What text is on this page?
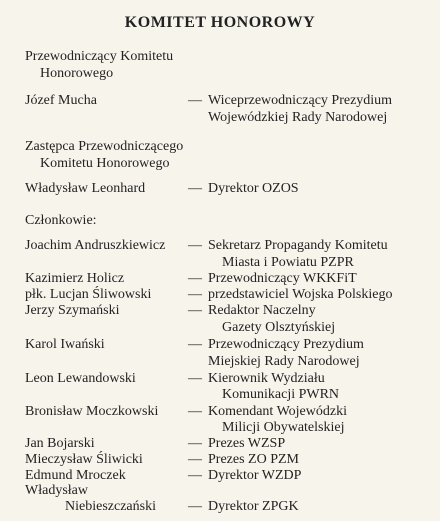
KOMITET HONOROWY
Przewodniczący Komitetu
Honorowego
Józef Mucha	— Wiceprzewodniczący Prezydium
Wojewódzkiej Rady Narodowej
Zastępca Przewodniczącego
Komitetu Honorowego
Władysław Leonhard	— Dyrektor OZOS
Członkowie:
Joachim Andruszkiewicz — Sekretarz Propagandy Komitetu
Miasta i Powiatu PZPR
Kazimierz Holicz	— Przewodniczący WKKFiT
płk. Lucjan Śliwowski	— przedstawiciel Wojska Polskiego
Jerzy Szymański	— Redaktor Naczelny
Gazety Olsztyńskiej
Karol Iwański	— Przewodniczący Prezydium
Miejskiej Rady Narodowej
Leon Lewandowski	— Kierownik Wydziału
Komunikacji PWRN
Bronisław Moczkowski — Komendant Wojewódzki
Milicji Obywatelskiej
Jan Bojarski	— Prezes WZSP
Mieczysław Śliwicki	— Prezes ZO PZM
Edmund Mroczek	— Dyrektor WZDP
Władysław
Niebieszczański — Dyrektor ZPGK
